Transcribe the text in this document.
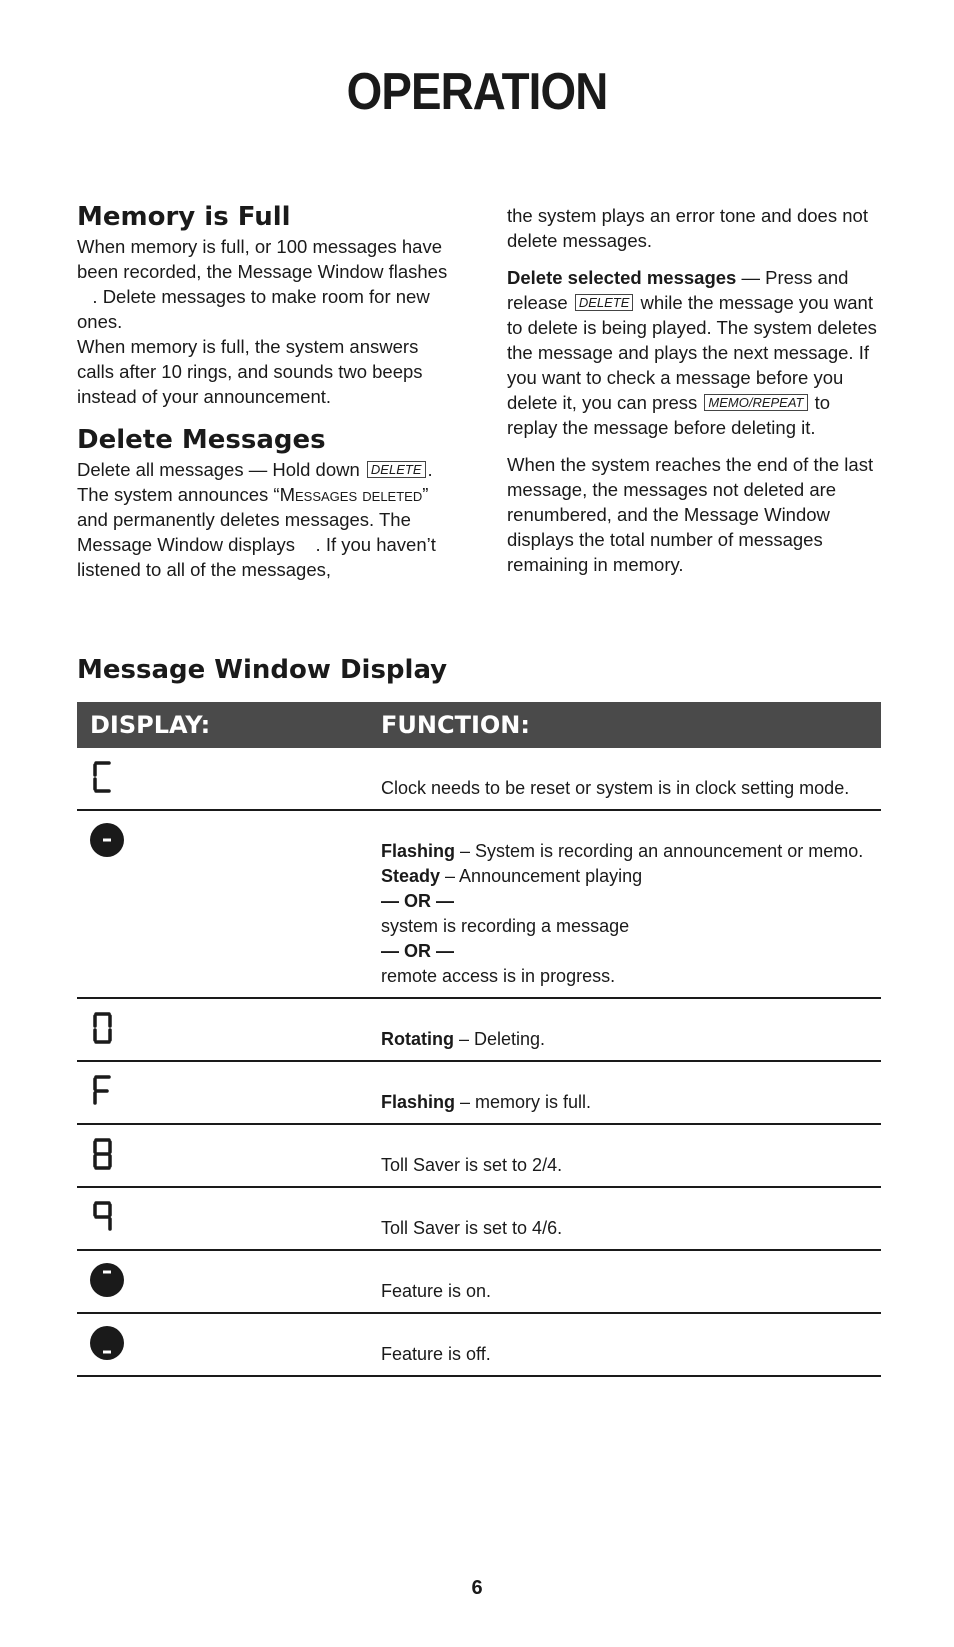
OPERATION
Memory is Full

When memory is full, or 100 messages have been recorded, the Message Window flashes    . Delete messages to make room for new ones.

When memory is full, the system answers calls after 10 rings, and sounds two beeps instead of your announcement.

Delete Messages

Delete all messages — Hold down DELETE . The system announces “Messages deleted” and permanently deletes messages. The Message Window displays . If you haven’t listened to all of the messages,

the system plays an error tone and does not delete messages.

Delete selected messages — Press and release DELETE while the message you want to delete is being played. The system deletes the message and plays the next message. If you want to check a message before you delete it, you can press MEMO/REPEAT to replay the message before deleting it.

When the system reaches the end of the last message, the messages not deleted are renumbered, and the Message Window displays the total number of messages remaining in memory.

Message Window Display
DISPLAY:	FUNCTION:
Clock needs to be reset or system is in clock setting mode.
Flashing – System is recording an announcement or memo.
Steady – Announcement playing
— OR —
system is recording a message
— OR —
remote access is in progress.
Rotating – Deleting.
Flashing – memory is full.
Toll Saver is set to 2/4.
Toll Saver is set to 4/6.
Feature is on.
Feature is off.
6
